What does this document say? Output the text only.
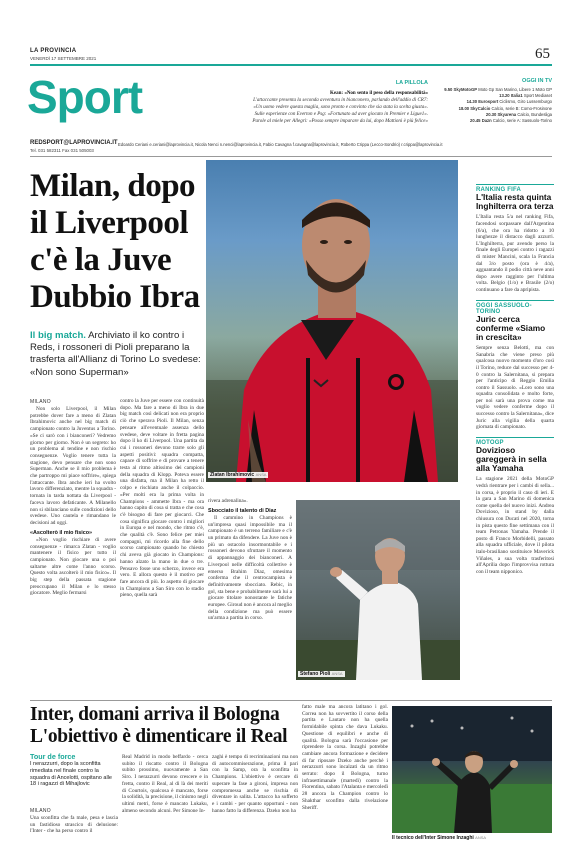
LA PROVINCIA
VENERDÌ 17 SETTEMBRE 2021	65
Sport	LA PILLOLA
Kean: «Non sento il peso della responsabilità»
L'attaccante presenta la seconda avventura in bianconero, parlando dell'addio di CR7:
«Un uomo vedere questa maglia, sono pronto e convinto che sia stata la scelta giusta».
Sulle esperienze con Everton e Psg: «Fortunato ad aver giocato in Premier e Ligue1».
Parole al miele per Allegri: «Posso sempre imparare da lui, dopo Mattioni è più felice»
OGGI IN TV
9.50 SkyMotoGP Moto Gp San Marino, Libere 1 Moto GP
13.20 Italia1 Sport Mediaset
14.30 Eurosport Ciclismo, Giro Lussemburgo
18.00 SkyCalcio Calcio, serie B: Como-Frosinone
20.30 Skyarena Calcio, Bundesliga
20.45 Dazn Calcio, serie A: Sassuolo-Torino
REDSPORT@LAPROVINCIA.IT
Tel. 031 582311 Fax 031 505003
Edoardo Ceriani e.ceriani@laprovincia.it, Nicola Nenci n.nenci@laprovincia.it, Fabio Cavagna f.cavagna@laprovincia.it, Roberto Crippa (Lecco-Sondrio) r.crippa@laprovincia.it
Milan, dopo
il Liverpool
c'è la Juve
Dubbio Ibra
Il big match. Archiviato il ko contro i Reds, i rossoneri di Pioli preparano la trasferta all'Allianz di Torino Lo svedese: «Non sono Superman»
Zlatan Ibrahimovic ANSA
MILANO

Non solo Liverpool, il Milan potrebbe dover fare a meno di Zlatan Ibrahimovic anche nel big match di campionato contro la Juventus a Torino. «Se ci sarò con i bianconeri? Vedremo giorno per giorno. Non è un segreto: ho un problema al tendine e non rischio conseguenze. Voglio tenere tutta la stagione, devo pensare che non sono Superman. Anche se il mio problema è che partroppo mi piace soffrire», spiega l'attaccante. Ibra anche ieri ha svolto lavoro differenziato, mentre la squadra - tornata in tarda nottata da Liverpool - faceva lavoro defaticante. A Milanello non si sbilanciano sulle condizioni dello svedese. Uno cautela e rimandano le decisioni ad oggi.

«Ascolterò il mio fisico»

«Non voglio rischiare di avere conseguenze - rimarca Zlatan - voglio mantenere il fisico per tutto il campionato. Non giocare una o poi saltarne altre come l'anno scorso. Questo volta ascolterò il mio fisico». Il big step della passata stagione preoccupano il Milan e lo stesso giocatore. Meglio fermarsi

contro la Juve per essere con continuità dopo. Ma fare a meno di Ibra in due big match così delicati non era proprio ciò che sperava Pioli. Il Milan, senza pensare all'eventuale assenza dello svedese, deve voltare in fretta pagina dopo il ko di Liverpool. Una partita da cui i rossoneri devono trarre solo gli aspetti positivi: squadra compatta, capace di soffrire e di provare a tenere testa al ritmo altissimo dei campioni della squadra di Klopp. Poteva essere una disfatta, ma il Milan ha retto il colpo e rischiato anche il colpaccio. «Per molti era la prima volta in Champions - ammette Ibra - ma ora hanno capito di cosa si tratta e che cosa c'è bisogno di fare per giocarci. Che cosa significa giocare contro i migliori in Europa e nel mondo, che ritmo c'è, che qualità c'è. Sono felice per miei compagni, mi ricordo alla fine dello scorso campionato quando ho chiesto chi aveva già giocato in Champions: hanno alzato la mano in due o tre. Pensavo fosse uno scherzo, invece era vero. E allora questo è il motivo per fare ancora di più. Io aspetto di giocare in Champions a San Siro con lo stadio pieno, quella sarà

rivera adrenalina».

Sbocciato il talento di Diaz

Il cammino in Champions è un'impresa quasi impossibile ma il campionato è un terreno familiare e c'è un primato da difendere. La Juve non è più un ostacolo insormontabile e i rossoneri devono sfruttare il momento di appannaggio dei bianconeri. A Liverpool nelle difficoltà collettive è emerso Brahim Diaz, omesima conferma che il centrocampista è definitivamente sbocciato. Rebic, in gol, sta bene e probabilmente sarà lui a giocare titolare nonostante le fatiche europee. Giroud non è ancora al meglio della condizione ma può essere un'arma a partita in corso.

Stefano Pioli ANSA
RANKING FIFA
L'Italia resta quinta Inghilterra ora terza
L'Italia resta 5/a nel ranking Fifa, facendosi sorpassare dall'Argentina (6/a), che ora ha ridotto a 10 lunghezze il distacco dagli azzurri. L'Inghilterra, pur avendo perso la finale degli Europei contro i ragazzi di mister Mancini, scala la Francia dal 3/o posto (ora è 4/a), agguantando il podio città neve anni dopo avere ragginto per l'ultima volta. Belgio (1/o) e Brasile (2/o) continuano a fare da apripista.
OGGI SASSUOLO-TORINO
Juric cerca conferme «Siamo in crescita»
Sempre senza Belotti, ma con Sanabria che viene preso più qualcosa nuovo momento d'oro così il Torino, reduce dal successo per 4-0 contro la Salernitana, si prepara per l'anticipo di Reggio Emilia contro il Sassuolo. «Loro sono una squadra consolidata e molto forte, per noi sarà una prova come ma voglio vedere conferme dopo il successo contro la Salernitana», dice Juric alla vigilia della quarta giornata di campionato.
MOTOGP
Dovizioso gareggerà in sella alla Yamaha
La stagione 2021 della MotoGP vedrà rientrare per i cambi di sella... in corsa, è proprio il caso di ieri. E la gara a San Marino di domenica come quella del nuovo inizi. Andrea Dovizioso, in stand by dalla chiusura con Ducati nel 2020, torna in pista questo fine settimana con il team Petronas Yamaha. Prende il posto di Franco Morbidelli, passato alla squadra ufficiale, dove il pilota italo-brasiliano sostituisce Maverick Viñales, a sua volta trasferitosi all'Aprilia dopo l'improvvisa rottura con il team nipponico.
Inter, domani arriva il Bologna
L'obiettivo è dimenticare il Real
Tour de force
I nerazzurri, dopo la sconfitta rimediata nel finale contro la squadra di Ancelotti, ospitano alle 18 i ragazzi di Mihajlovic
MILANO

Una sconfitta che fa male, pesa e lascia un fastidioso strascico di delusione: l'Inter - che ha perso contro il

Real Madrid in modo beffardo - cerca subito il riscatto contro il Bologna subito prossimo, nuovamente a San Siro. I nerazzurri devono crescere e in fretta, contro il Real, al di là dei meriti di Courtois, qualcosa è mancato, forse la solidità, la precisione, il cinismo negli ultimi metri, forse è mancato Lukaku, almeno secondo alcuni. Per Simone In-

zaghi è tempo di recriminazioni ma non di autocommiserazione, prima il pari con la Samp, ora la sconfitta in Champions. L'obiettivo è cercare di superare la fase a gironi, impresa non compromessa anche se rischia di diventare in salita. L'attacco ha sofferto e i cambi - per quanto opportuni - non hanno fatto la differenza. Dzeko non ha

fatto male ma ancora latitano i gol. Correa non ha sovvertito il corso della partita e Lautaro non ha quella formidabile spinta che dava Lukaku. Questione di equilibri e anche di qualità. Bologna sarà l'occasione per riprendere la corsa. Inzaghi potrebbe cambiare ancora formazione e decidere di far riposare Dzeko anche perchè i nerazzurri sono incalzati da un ritmo serrato: dopo il Bologna, turno infrasettimanale (martedì) contro la Fiorentina, sabato l'Atalanta e mercoledì 28 ancora la Champion contro lo Shakthar sconfitto dalla rivelazione Sheriff.

Il tecnico dell'Inter Simone Inzaghi ANSA
